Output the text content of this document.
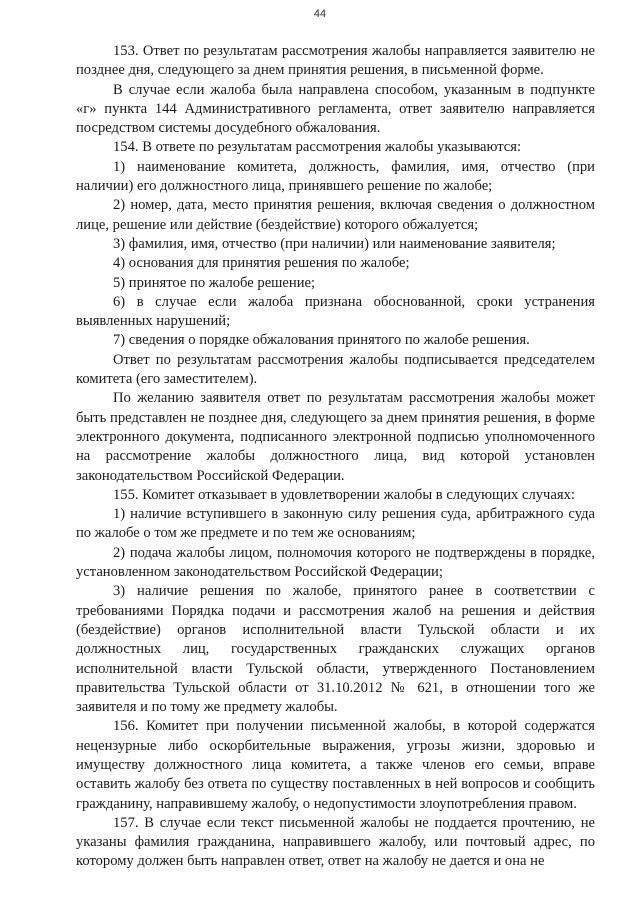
44

153. Ответ по результатам рассмотрения жалобы направляется заявителю не позднее дня, следующего за днем принятия решения, в письменной форме.

В случае если жалоба была направлена способом, указанным в подпункте «г» пункта 144 Административного регламента, ответ заявителю направляется посредством системы досудебного обжалования.

154. В ответе по результатам рассмотрения жалобы указываются:

1) наименование комитета, должность, фамилия, имя, отчество (при наличии) его должностного лица, принявшего решение по жалобе;

2) номер, дата, место принятия решения, включая сведения о должностном лице, решение или действие (бездействие) которого обжалуется;

3) фамилия, имя, отчество (при наличии) или наименование заявителя;

4) основания для принятия решения по жалобе;

5) принятое по жалобе решение;

6) в случае если жалоба признана обоснованной, сроки устранения выявленных нарушений;

7) сведения о порядке обжалования принятого по жалобе решения.

Ответ по результатам рассмотрения жалобы подписывается председателем комитета (его заместителем).

По желанию заявителя ответ по результатам рассмотрения жалобы может быть представлен не позднее дня, следующего за днем принятия решения, в форме электронного документа, подписанного электронной подписью уполномоченного на рассмотрение жалобы должностного лица, вид которой установлен законодательством Российской Федерации.

155. Комитет отказывает в удовлетворении жалобы в следующих случаях:

1) наличие вступившего в законную силу решения суда, арбитражного суда по жалобе о том же предмете и по тем же основаниям;

2) подача жалобы лицом, полномочия которого не подтверждены в порядке, установленном законодательством Российской Федерации;

3) наличие решения по жалобе, принятого ранее в соответствии с требованиями Порядка подачи и рассмотрения жалоб на решения и действия (бездействие) органов исполнительной власти Тульской области и их должностных лиц, государственных гражданских служащих органов исполнительной власти Тульской области, утвержденного Постановлением правительства Тульской области от 31.10.2012 № 621, в отношении того же заявителя и по тому же предмету жалобы.

156. Комитет при получении письменной жалобы, в которой содержатся нецензурные либо оскорбительные выражения, угрозы жизни, здоровью и имуществу должностного лица комитета, а также членов его семьи, вправе оставить жалобу без ответа по существу поставленных в ней вопросов и сообщить гражданину, направившему жалобу, о недопустимости злоупотребления правом.

157. В случае если текст письменной жалобы не поддается прочтению, не указаны фамилия гражданина, направившего жалобу, или почтовый адрес, по которому должен быть направлен ответ, ответ на жалобу не дается и она не
